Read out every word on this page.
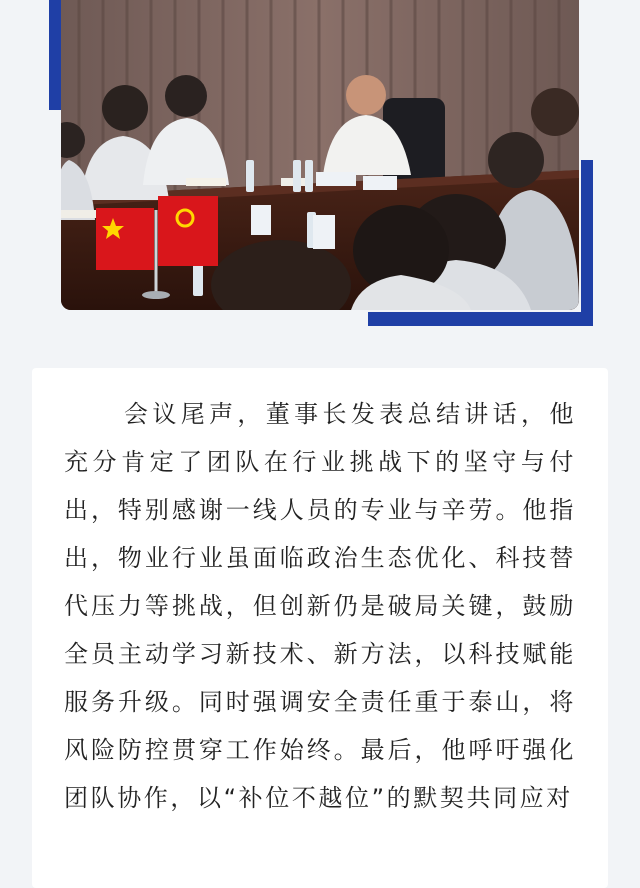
会议尾声，董事长发表总结讲话，他充分肯定了团队在行业挑战下的坚守与付出，特别感谢一线人员的专业与辛劳。他指出，物业行业虽面临政治生态优化、科技替代压力等挑战，但创新仍是破局关键，鼓励全员主动学习新技术、新方法，以科技赋能服务升级。同时强调安全责任重于泰山，将风险防控贯穿工作始终。最后，他呼吁强化团队协作，以“补位不越位”的默契共同应对
